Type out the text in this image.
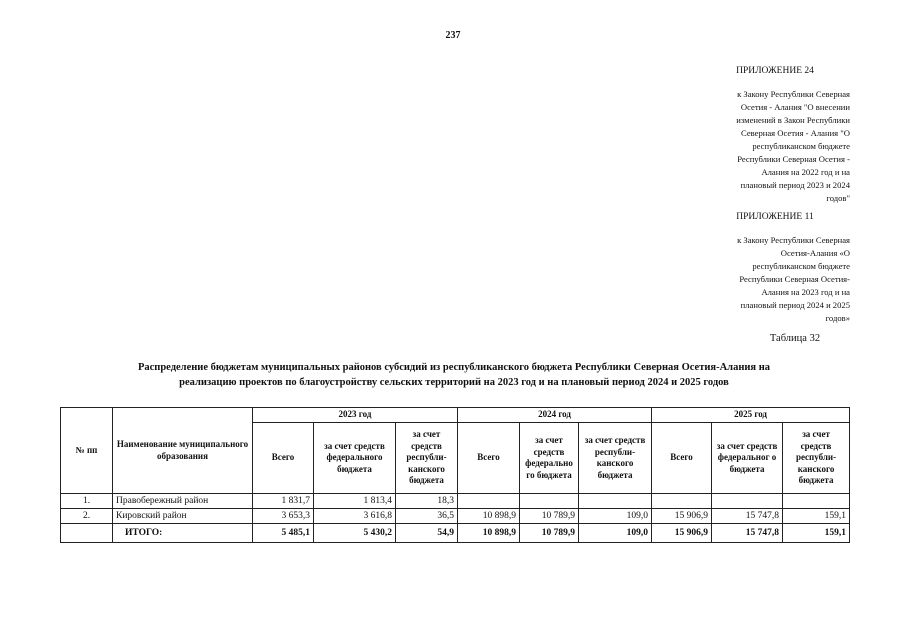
237
ПРИЛОЖЕНИЕ 24
к Закону Республики Северная
Осетия - Алания "О внесении
изменений в Закон Республики
Северная Осетия - Алания "О
республиканском бюджете
Республики Северная Осетия -
Алания на 2022 год и на
плановый период 2023 и 2024
годов"
ПРИЛОЖЕНИЕ 11
к Закону Республики Северная
Осетия-Алания «О
республиканском бюджете
Республики Северная Осетия-
Алания на 2023 год и на
плановый период 2024 и 2025
годов»
Таблица 32
Распределение бюджетам муниципальных районов субсидий из республиканского бюджета Республики Северная Осетия-Алания на
реализацию проектов по благоустройству сельских территорий на 2023 год и на плановый период 2024 и 2025 годов
№ пп	Наименование муниципального образования	2023 год			2024 год			2025 год		
		Всего	за счет средств федерального бюджета	за счет средств республи-канского бюджета	Всего	за счет средств федерально го бюджета	за счет средств республи-канского бюджета	Всего	за счет средств федеральног о бюджета	за счет средств республи-канского бюджета
1.	Правобережный район	1 831,7	1 813,4	18,3						
2.	Кировский район	3 653,3	3 616,8	36,5	10 898,9	10 789,9	109,0	15 906,9	15 747,8	159,1
	ИТОГО:	5 485,1	5 430,2	54,9	10 898,9	10 789,9	109,0	15 906,9	15 747,8	159,1
